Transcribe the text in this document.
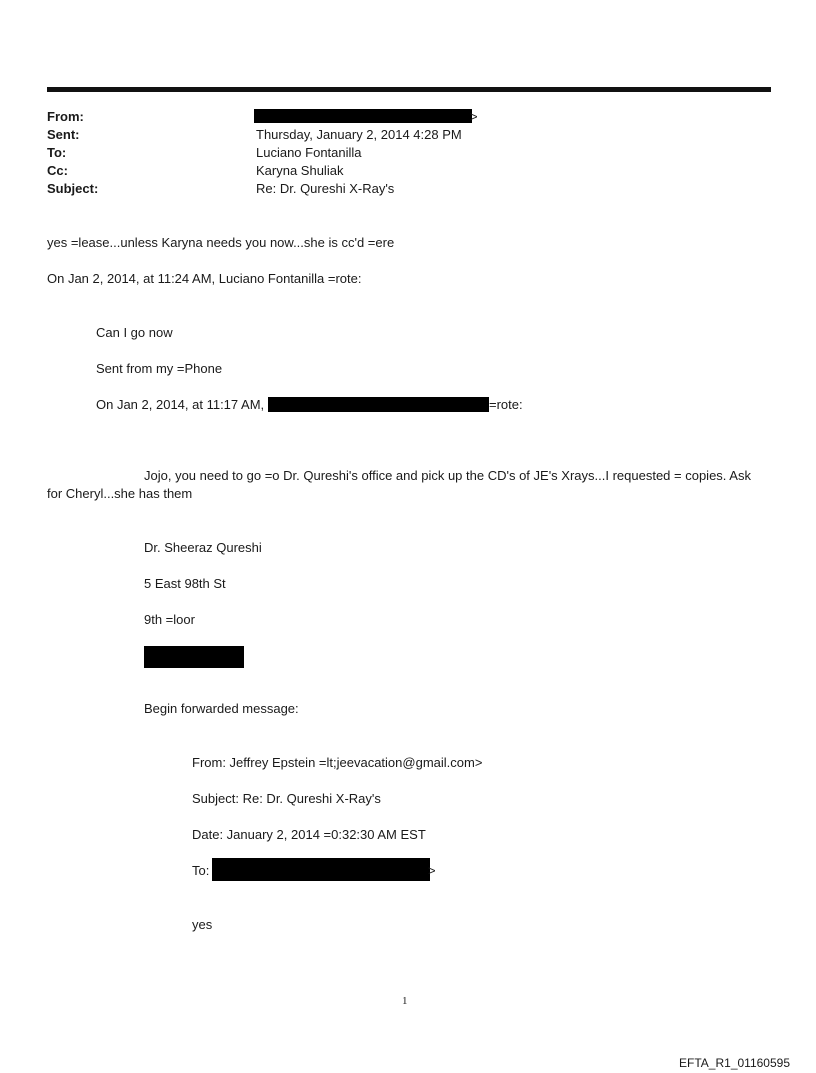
From:	>
Sent:	Thursday, January 2, 2014 4:28 PM
To:	Luciano Fontanilla
Cc:	Karyna Shuliak
Subject:	Re: Dr. Qureshi X-Ray's
yes =lease...unless Karyna needs you now...she is cc'd =ere
On Jan 2, 2014, at 11:24 AM, Luciano Fontanilla =rote:
Can I go now
Sent from my =Phone
On Jan 2, 2014, at 11:17 AM,	=rote:
Jojo, you need to go =o Dr. Qureshi's office and pick up the CD's of JE's Xrays...I requested = copies. Ask
for Cheryl...she has them
Dr. Sheeraz Qureshi
5 East 98th St
9th =loor
Begin forwarded message:
From: Jeffrey Epstein =lt;jeevacation@gmail.com>
Subject: Re: Dr. Qureshi X-Ray's
Date: January 2, 2014 =0:32:30 AM EST
To:	>
yes
1
EFTA_R1_01160595
